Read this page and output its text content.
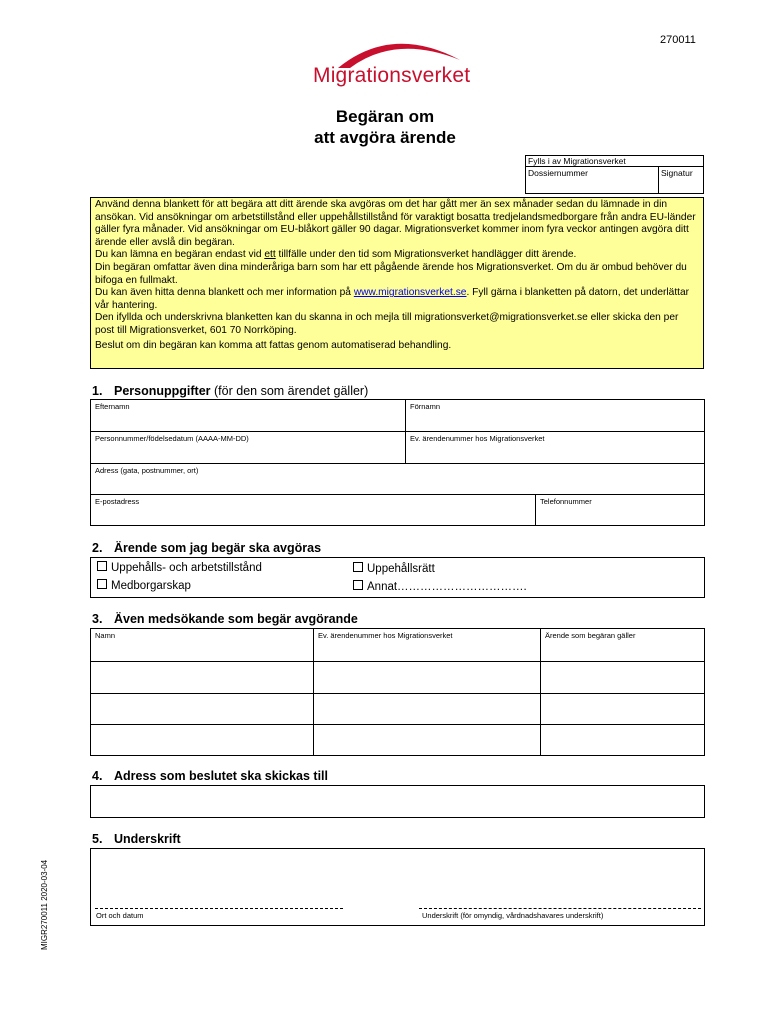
270011
Migrationsverket
Begäran om
att avgöra ärende
Fylls i av Migrationsverket
Dossiernummer	Signatur

Använd denna blankett för att begära att ditt ärende ska avgöras om det har gått mer än sex månader sedan du lämnade in din ansökan. Vid ansökningar om arbetstillstånd eller uppehållstillstånd för varaktigt bosatta tredjelandsmedborgare från andra EU-länder gäller fyra månader. Vid ansökningar om EU-blåkort gäller 90 dagar. Migrationsverket kommer inom fyra veckor antingen avgöra ditt ärende eller avslå din begäran.

Du kan lämna en begäran endast vid ett tillfälle under den tid som Migrationsverket handlägger ditt ärende.

Din begäran omfattar även dina minderåriga barn som har ett pågående ärende hos Migrationsverket. Om du är ombud behöver du bifoga en fullmakt.

Du kan även hitta denna blankett och mer information på www.migrationsverket.se. Fyll gärna i blanketten på datorn, det underlättar vår hantering.

Den ifyllda och underskrivna blanketten kan du skanna in och mejla till migrationsverket@migrationsverket.se eller skicka den per post till Migrationsverket, 601 70 Norrköping.

Beslut om din begäran kan komma att fattas genom automatiserad behandling.

1. Personuppgifter (för den som ärendet gäller)
Efternamn	Förnamn
Personnummer/födelsedatum (AAAA-MM-DD)	Ev. ärendenummer hos Migrationsverket
Adress (gata, postnummer, ort)
E-postadress	Telefonnummer
2. Ärende som jag begär ska avgöras
Uppehålls- och arbetstillstånd
Medborgarskap
Uppehållsrätt
Annat…………………………….
3. Även medsökande som begär avgörande
Namn	Ev. ärendenummer hos Migrationsverket	Ärende som begäran gäller
4. Adress som beslutet ska skickas till
5. Underskrift
Ort och datum	Underskrift (för omyndig, vårdnadshavares underskrift)
MIGR270011 2020-03-04
